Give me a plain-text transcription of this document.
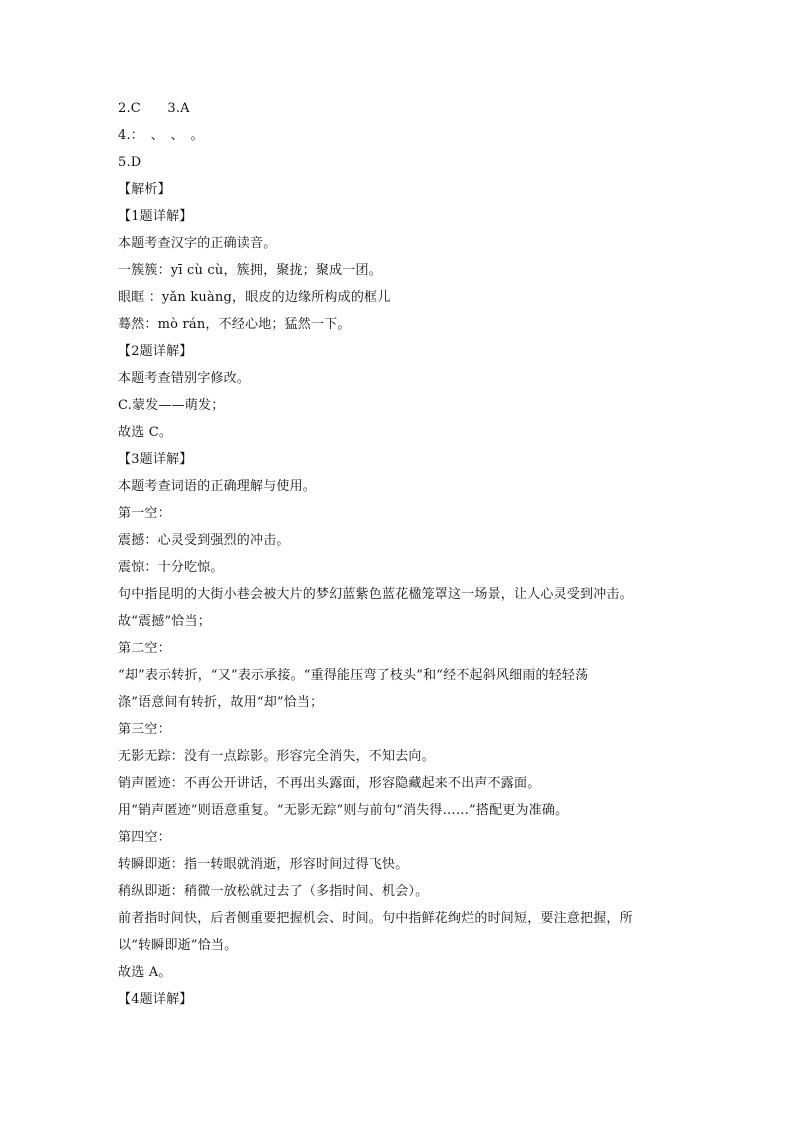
2.C　　3.A
4.：　、　、　。
5.D
【解析】
【1题详解】
本题考查汉字的正确读音。
一簇簇：yī cù cù，簇拥，聚拢；聚成一团。
眼眶 ：yǎn kuàng，眼皮的边缘所构成的框儿
蓦然：mò rán，不经心地；猛然一下。
【2题详解】
本题考查错别字修改。
C.蒙发——萌发；
故选 C。
【3题详解】
本题考查词语的正确理解与使用。
第一空：
震撼：心灵受到强烈的冲击。
震惊：十分吃惊。
句中指昆明的大街小巷会被大片的梦幻蓝紫色蓝花楹笼罩这一场景，让人心灵受到冲击。
故“震撼”恰当；
第二空：
“却”表示转折，“又”表示承接。“重得能压弯了枝头”和“经不起斜风细雨的轻轻荡
涤”语意间有转折，故用“却”恰当；
第三空：
无影无踪：没有一点踪影。形容完全消失，不知去向。
销声匿迹：不再公开讲话，不再出头露面，形容隐藏起来不出声不露面。
用“销声匿迹”则语意重复。“无影无踪”则与前句“消失得……”搭配更为准确。
第四空：
转瞬即逝：指一转眼就消逝，形容时间过得飞快。
稍纵即逝：稍微一放松就过去了（多指时间、机会）。
前者指时间快，后者侧重要把握机会、时间。句中指鲜花绚烂的时间短，要注意把握，所
以“转瞬即逝”恰当。
故选 A。
【4题详解】
